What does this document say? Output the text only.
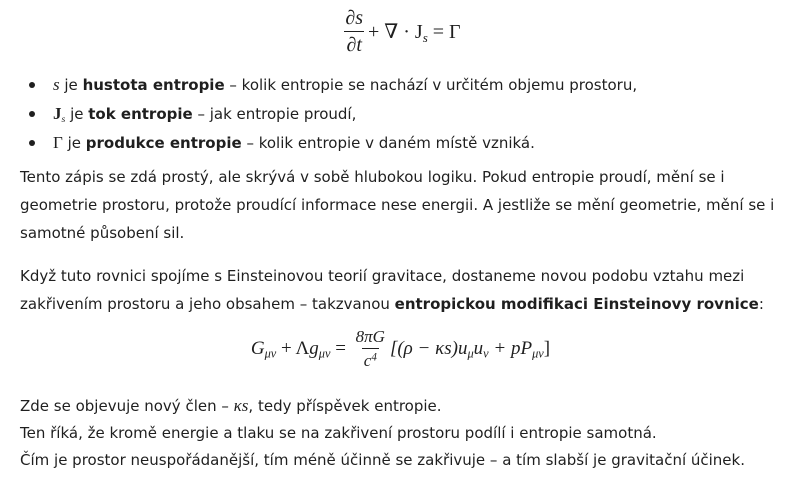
$\frac{\partial s}{\partial t}$ + ∇ · $J_s = \Gamma$
s je hustota entropie – kolik entropie se nachází v určitém objemu prostoru,
$J_s$ je tok entropie – jak entropie proudí,
Γ je produkce entropie – kolik entropie v daném místě vzniká.

Tento zápis se zdá prostý, ale skrývá v sobě hlubokou logiku. Pokud entropie proudí, mění se i geometrie prostoru, protože proudící informace nese energii. A jestliže se mění geometrie, mění se i samotné působení sil.

Když tuto rovnici spojíme s Einsteinovou teorií gravitace, dostaneme novou podobu vztahu mezi zakřivením prostoru a jeho obsahem – takzvanou entropickou modifikaci Einsteinovy rovnice:

$G_{\mu\nu} + \Lambda g_{\mu\nu} = \frac{8\pi G}{c^4} [(\rho - \kappa s)u_\mu u_\nu + pP_{\mu\nu}]$

Zde se objevuje nový člen – κs, tedy příspěvek entropie.

Ten říká, že kromě energie a tlaku se na zakřivení prostoru podílí i entropie samotná.

Čím je prostor neuspořádanější, tím méně účinně se zakřivuje – a tím slabší je gravitační účinek.
